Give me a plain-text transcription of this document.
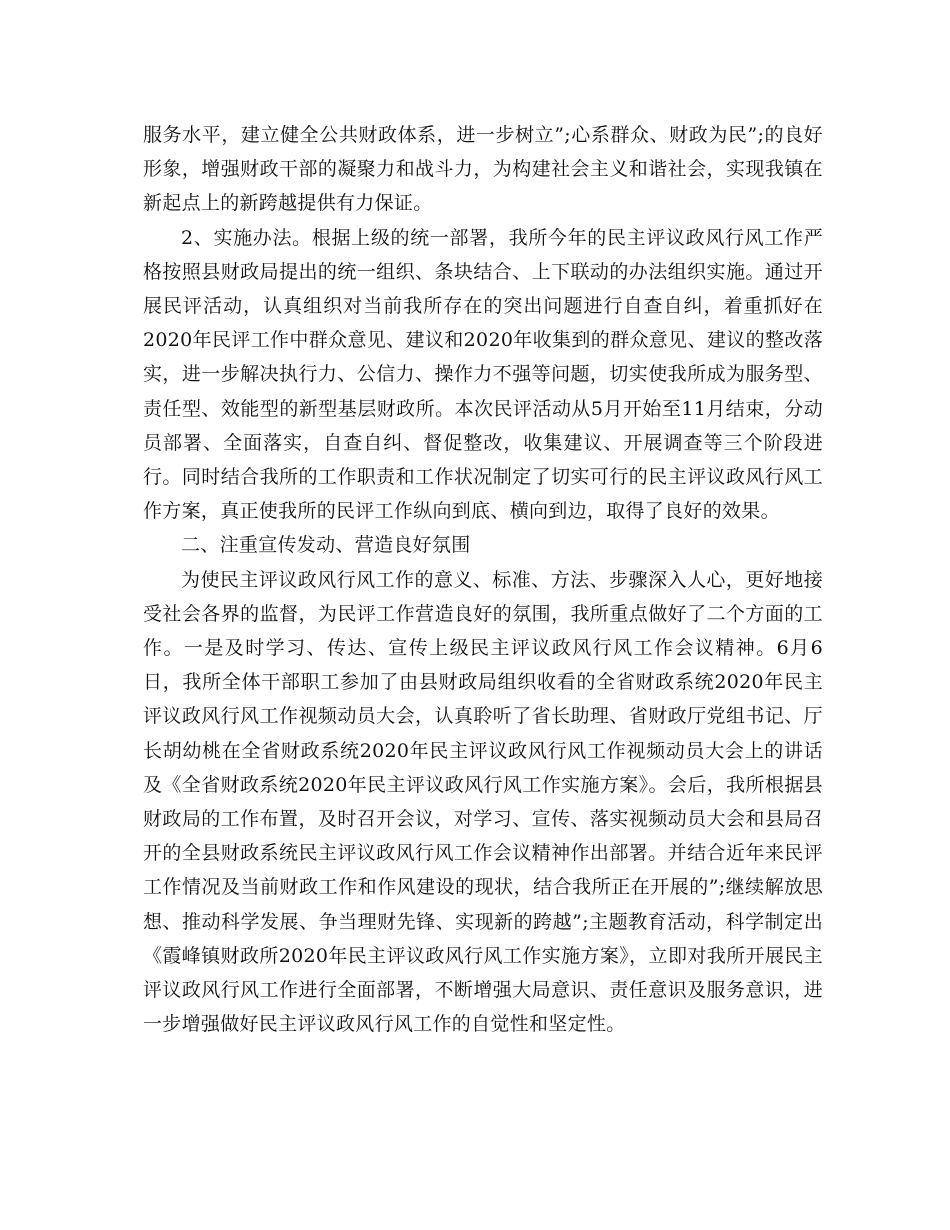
服务水平，建立健全公共财政体系，进一步树立”;心系群众、财政为民”;的良好形象，增强财政干部的凝聚力和战斗力，为构建社会主义和谐社会，实现我镇在新起点上的新跨越提供有力保证。

2、实施办法。根据上级的统一部署，我所今年的民主评议政风行风工作严格按照县财政局提出的统一组织、条块结合、上下联动的办法组织实施。通过开展民评活动，认真组织对当前我所存在的突出问题进行自查自纠，着重抓好在2020年民评工作中群众意见、建议和2020年收集到的群众意见、建议的整改落实，进一步解决执行力、公信力、操作力不强等问题，切实使我所成为服务型、责任型、效能型的新型基层财政所。本次民评活动从5月开始至11月结束，分动员部署、全面落实，自查自纠、督促整改，收集建议、开展调查等三个阶段进行。同时结合我所的工作职责和工作状况制定了切实可行的民主评议政风行风工作方案，真正使我所的民评工作纵向到底、横向到边，取得了良好的效果。

二、注重宣传发动、营造良好氛围

为使民主评议政风行风工作的意义、标准、方法、步骤深入人心，更好地接受社会各界的监督，为民评工作营造良好的氛围，我所重点做好了二个方面的工作。一是及时学习、传达、宣传上级民主评议政风行风工作会议精神。6月6日，我所全体干部职工参加了由县财政局组织收看的全省财政系统2020年民主评议政风行风工作视频动员大会，认真聆听了省长助理、省财政厅党组书记、厅长胡幼桃在全省财政系统2020年民主评议政风行风工作视频动员大会上的讲话及《全省财政系统2020年民主评议政风行风工作实施方案》。会后，我所根据县财政局的工作布置，及时召开会议，对学习、宣传、落实视频动员大会和县局召开的全县财政系统民主评议政风行风工作会议精神作出部署。并结合近年来民评工作情况及当前财政工作和作风建设的现状，结合我所正在开展的”;继续解放思想、推动科学发展、争当理财先锋、实现新的跨越”;主题教育活动，科学制定出《霞峰镇财政所2020年民主评议政风行风工作实施方案》，立即对我所开展民主评议政风行风工作进行全面部署，不断增强大局意识、责任意识及服务意识，进一步增强做好民主评议政风行风工作的自觉性和坚定性。
